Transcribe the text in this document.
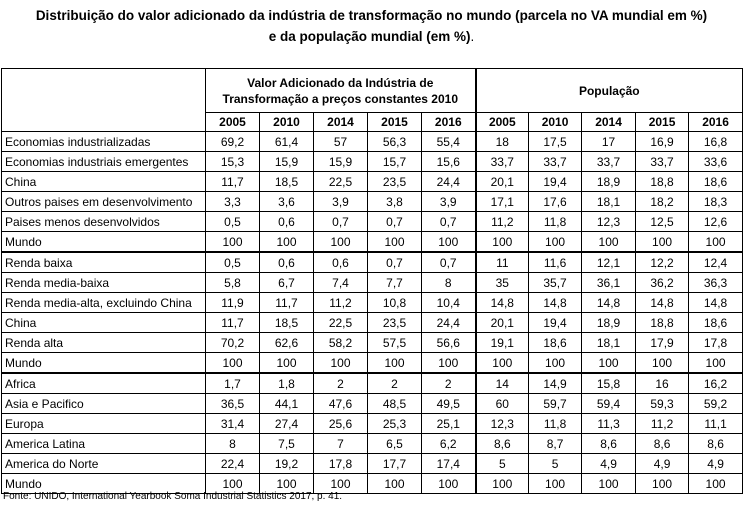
Distribuição do valor adicionado da indústria de transformação no mundo (parcela no VA mundial em %)
e da população mundial (em %).
	Valor Adicionado da Indústria de Transformação a preços constantes 2010					População				
	2005	2010	2014	2015	2016	2005	2010	2014	2015	2016
Economias industrializadas	69,2	61,4	57	56,3	55,4	18	17,5	17	16,9	16,8
Economias industriais emergentes	15,3	15,9	15,9	15,7	15,6	33,7	33,7	33,7	33,7	33,6
China	11,7	18,5	22,5	23,5	24,4	20,1	19,4	18,9	18,8	18,6
Outros paises em desenvolvimento	3,3	3,6	3,9	3,8	3,9	17,1	17,6	18,1	18,2	18,3
Paises menos desenvolvidos	0,5	0,6	0,7	0,7	0,7	11,2	11,8	12,3	12,5	12,6
Mundo	100	100	100	100	100	100	100	100	100	100
Renda baixa	0,5	0,6	0,6	0,7	0,7	11	11,6	12,1	12,2	12,4
Renda media-baixa	5,8	6,7	7,4	7,7	8	35	35,7	36,1	36,2	36,3
Renda media-alta, excluindo China	11,9	11,7	11,2	10,8	10,4	14,8	14,8	14,8	14,8	14,8
China	11,7	18,5	22,5	23,5	24,4	20,1	19,4	18,9	18,8	18,6
Renda alta	70,2	62,6	58,2	57,5	56,6	19,1	18,6	18,1	17,9	17,8
Mundo	100	100	100	100	100	100	100	100	100	100
Africa	1,7	1,8	2	2	2	14	14,9	15,8	16	16,2
Asia e Pacifico	36,5	44,1	47,6	48,5	49,5	60	59,7	59,4	59,3	59,2
Europa	31,4	27,4	25,6	25,3	25,1	12,3	11,8	11,3	11,2	11,1
America Latina	8	7,5	7	6,5	6,2	8,6	8,7	8,6	8,6	8,6
America do Norte	22,4	19,2	17,8	17,7	17,4	5	5	4,9	4,9	4,9
Mundo	100	100	100	100	100	100	100	100	100	100
Fonte: UNIDO, International Yearbook Soma Industrial Statistics 2017, p. 41.
